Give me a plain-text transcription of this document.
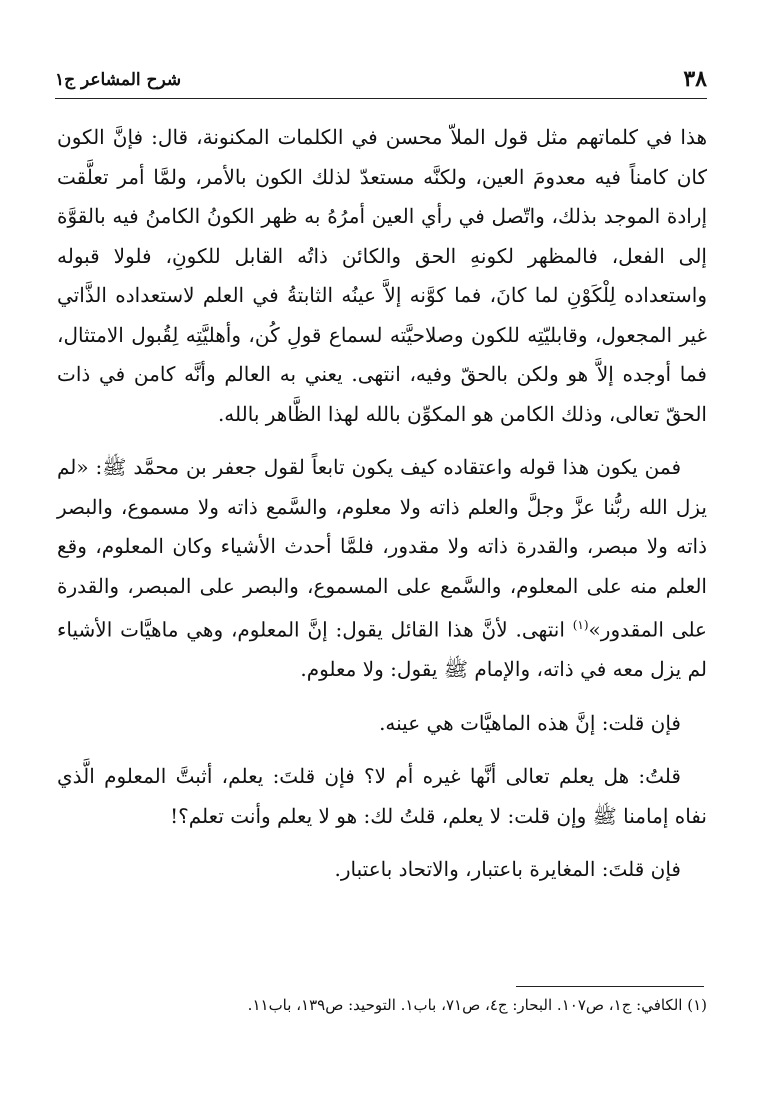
٣٨
شرح المشاعر ج١

هذا في كلماتهم مثل قول الملاّ محسن في الكلمات المكنونة، قال: فإنَّ الكون كان كامناً فيه معدومَ العين، ولكنَّه مستعدّ لذلك الكون بالأمر، ولمَّا أمر تعلَّقت إرادة الموجد بذلك، واتّصل في رأي العين أمرُهُ به ظهر الكونُ الكامنُ فيه بالقوَّة إلى الفعل، فالمظهر لكونهِ الحق والكائن ذاتُه القابل للكونِ، فلولا قبوله واستعداده لِلْكَوْنِ لما كانَ، فما كوَّنه إلاَّ عينُه الثابتةُ في العلم لاستعداده الذَّاتي غير المجعول، وقابليّتِه للكون وصلاحيَّته لسماع قولِ كُن، وأهليَّتِه لِقُبول الامتثال، فما أوجده إلاَّ هو ولكن بالحقّ وفيه، انتهى. يعني به العالم وأنَّه كامن في ذات الحقّ تعالى، وذلك الكامن هو المكوِّن بالله لهذا الظَّاهر بالله.

فمن يكون هذا قوله واعتقاده كيف يكون تابعاً لقول جعفر بن محمَّد ﷺ: «لم يزل الله ربُّنا عزَّ وجلَّ والعلم ذاته ولا معلوم، والسَّمع ذاته ولا مسموع، والبصر ذاته ولا مبصر، والقدرة ذاته ولا مقدور، فلمَّا أحدث الأشياء وكان المعلوم، وقع العلم منه على المعلوم، والسَّمع على المسموع، والبصر على المبصر، والقدرة على المقدور»$^{(١)}$ انتهى. لأنَّ هذا القائل يقول: إنَّ المعلوم، وهي ماهيَّات الأشياء لم يزل معه في ذاته، والإمام ﷺ يقول: ولا معلوم.

فإن قلت: إنَّ هذه الماهيَّات هي عينه.

قلتُ: هل يعلم تعالى أنَّها غيره أم لا؟ فإن قلتَ: يعلم، أثبتَّ المعلوم الَّذي نفاه إمامنا ﷺ وإن قلت: لا يعلم، قلتُ لك: هو لا يعلم وأنت تعلم؟!

فإن قلتَ: المغايرة باعتبار، والاتحاد باعتبار.

(١) الكافي: ج١، ص١٠٧. البحار: ج٤، ص٧١، باب١. التوحيد: ص١٣٩، باب١١.
